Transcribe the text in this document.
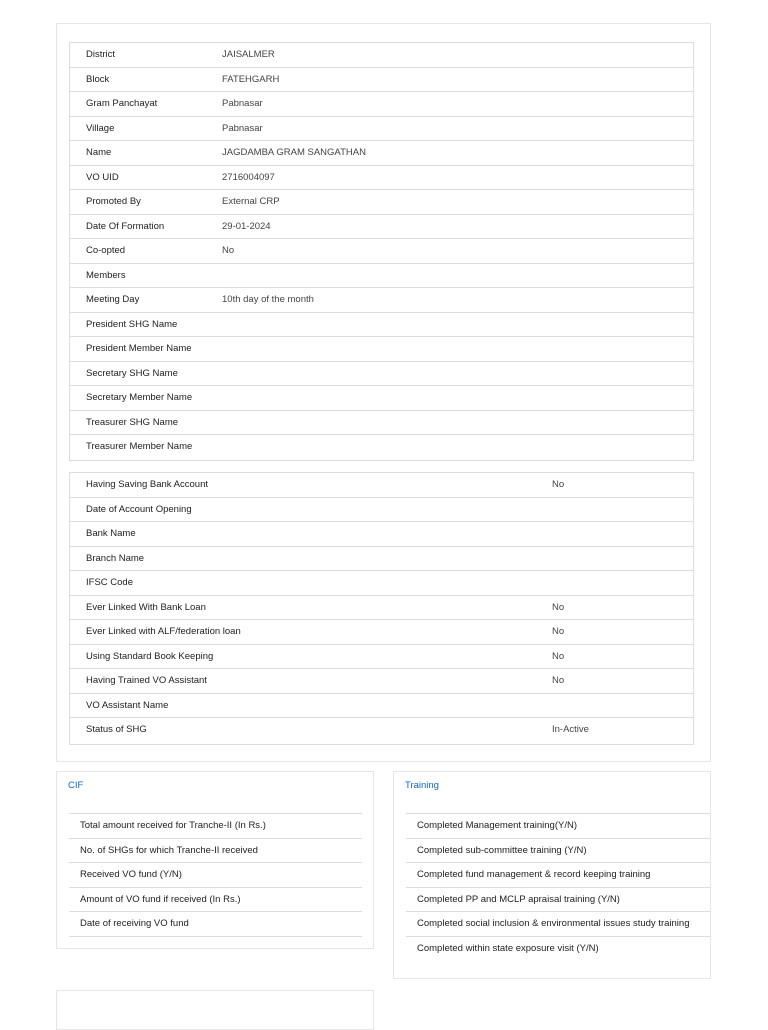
District	JAISALMER
Block	FATEHGARH
Gram Panchayat	Pabnasar
Village	Pabnasar
Name	JAGDAMBA GRAM SANGATHAN
VO UID	2716004097
Promoted By	External CRP
Date Of Formation	29-01-2024
Co-opted	No
Members
Meeting Day	10th day of the month
President SHG Name
President Member Name
Secretary SHG Name
Secretary Member Name
Treasurer SHG Name
Treasurer Member Name
Having Saving Bank Account	No
Date of Account Opening
Bank Name
Branch Name
IFSC Code
Ever Linked With Bank Loan	No
Ever Linked with ALF/federation loan	No
Using Standard Book Keeping	No
Having Trained VO Assistant	No
VO Assistant Name
Status of SHG	In-Active
CIF
Total amount received for Tranche-II (In Rs.)
No. of SHGs for which Tranche-II received
Received VO fund (Y/N)
Amount of VO fund if received (In Rs.)
Date of receiving VO fund
Training
Completed Management training(Y/N)
Completed sub-committee training (Y/N)
Completed fund management & record keeping training
Completed PP and MCLP apraisal training (Y/N)
Completed social inclusion & environmental issues study training
Completed within state exposure visit (Y/N)
